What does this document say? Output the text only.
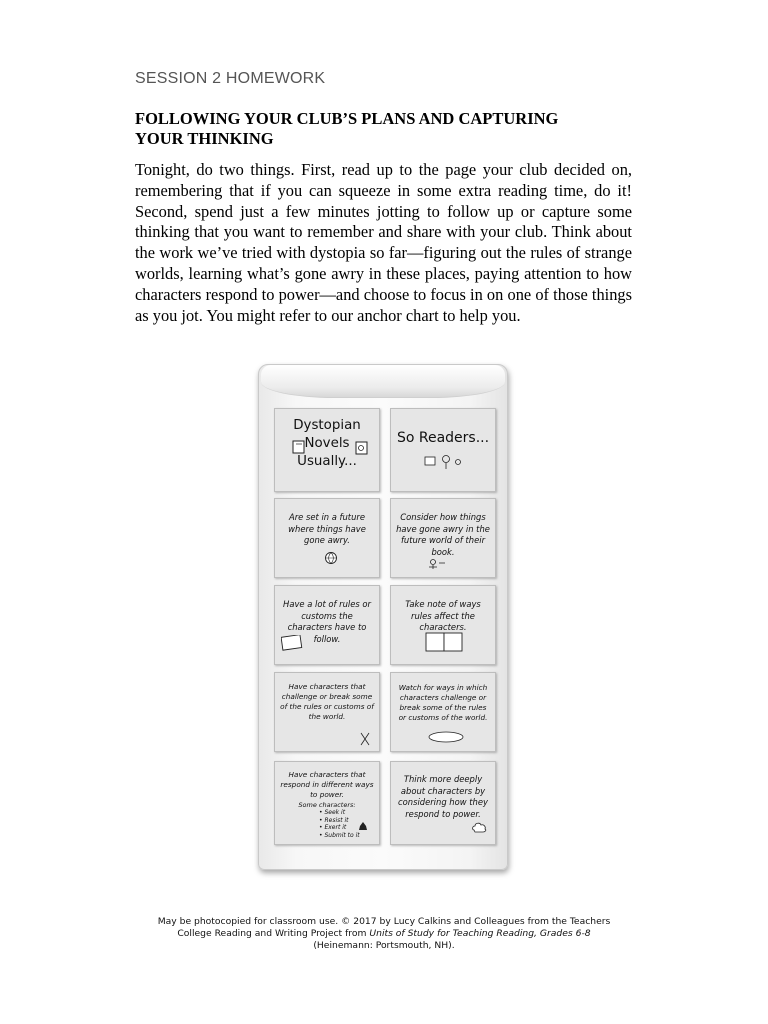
SESSION 2 HOMEWORK
FOLLOWING YOUR CLUB’S PLANS AND CAPTURING YOUR THINKING
Tonight, do two things. First, read up to the page your club decided on, remembering that if you can squeeze in some extra reading time, do it! Second, spend just a few minutes jotting to follow up or capture some thinking that you want to remember and share with your club. Think about the work we’ve tried with dystopia so far—figuring out the rules of strange worlds, learning what’s gone awry in these places, paying attention to how characters respond to power—and choose to focus in on one of those things as you jot. You might refer to our anchor chart to help you.
Dystopian Novels Usually...
So Readers...
Are set in a future where things have gone awry.
Consider how things have gone awry in the future world of their book.
Have a lot of rules or customs the characters have to follow.
Take note of ways rules affect the characters.
Have characters that challenge or break some of the rules or customs of the world.
Watch for ways in which characters challenge or break some of the rules or customs of the world.
Have characters that respond in different ways to power.
Some characters:
• Seek it
• Resist it
• Exert it
• Submit to it
Think more deeply about characters by considering how they respond to power.
May be photocopied for classroom use. © 2017 by Lucy Calkins and Colleagues from the Teachers
College Reading and Writing Project from Units of Study for Teaching Reading, Grades 6-8
(Heinemann: Portsmouth, NH).
